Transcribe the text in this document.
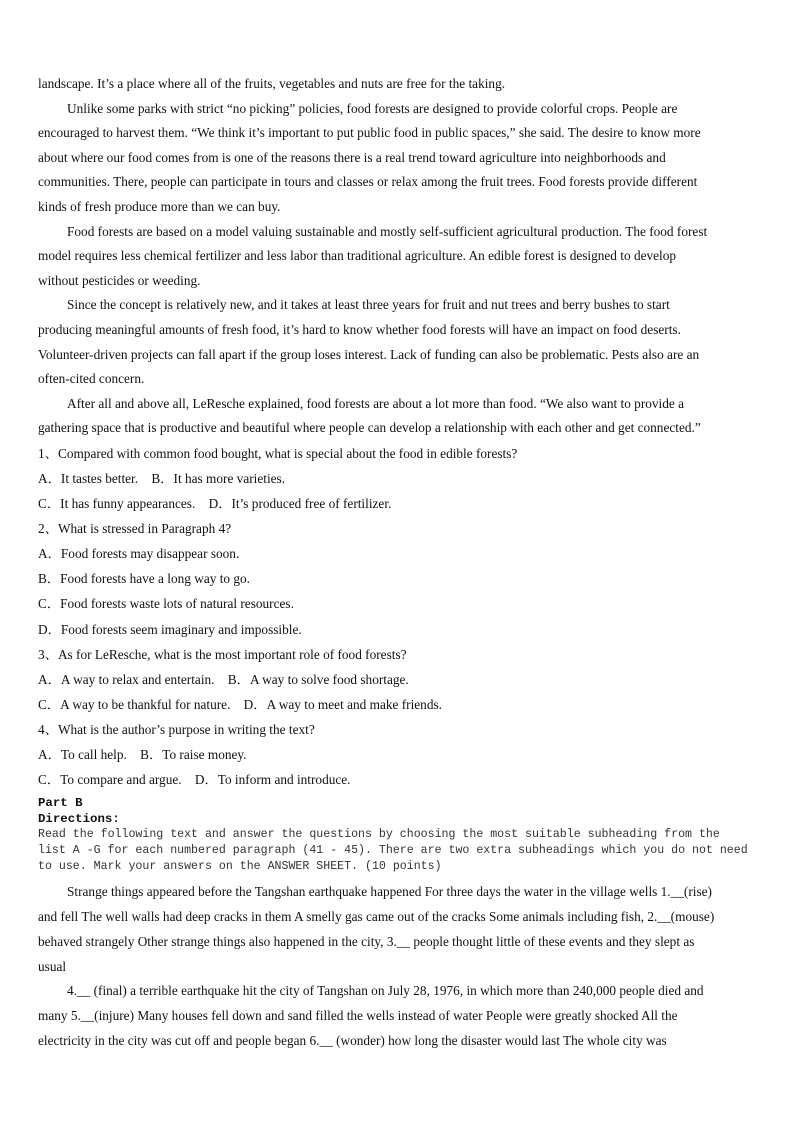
landscape. It’s a place where all of the fruits, vegetables and nuts are free for the taking.
Unlike some parks with strict “no picking” policies, food forests are designed to provide colorful crops. People are
encouraged to harvest them. “We think it’s important to put public food in public spaces,” she said. The desire to know more
about where our food comes from is one of the reasons there is a real trend toward agriculture into neighborhoods and
communities. There, people can participate in tours and classes or relax among the fruit trees. Food forests provide different
kinds of fresh produce more than we can buy.
Food forests are based on a model valuing sustainable and mostly self-sufficient agricultural production. The food forest
model requires less chemical fertilizer and less labor than traditional agriculture. An edible forest is designed to develop
without pesticides or weeding.
Since the concept is relatively new, and it takes at least three years for fruit and nut trees and berry bushes to start
producing meaningful amounts of fresh food, it’s hard to know whether food forests will have an impact on food deserts.
Volunteer-driven projects can fall apart if the group loses interest. Lack of funding can also be problematic. Pests also are an
often-cited concern.
After all and above all, LeResche explained, food forests are about a lot more than food. “We also want to provide a
gathering space that is productive and beautiful where people can develop a relationship with each other and get connected.”
1、Compared with common food bought, what is special about the food in edible forests?
A．It tastes better.　B．It has more varieties.
C．It has funny appearances.　D．It’s produced free of fertilizer.
2、What is stressed in Paragraph 4?
A．Food forests may disappear soon.
B．Food forests have a long way to go.
C．Food forests waste lots of natural resources.
D．Food forests seem imaginary and impossible.
3、As for LeResche, what is the most important role of food forests?
A．A way to relax and entertain.　B．A way to solve food shortage.
C．A way to be thankful for nature.　D．A way to meet and make friends.
4、What is the author’s purpose in writing the text?
A．To call help.　B．To raise money.
C．To compare and argue.　D．To inform and introduce.
Part B
Directions:
Read the following text and answer the questions by choosing the most suitable subheading from the
list A -G for each numbered paragraph (41 - 45). There are two extra subheadings which you do not need
to use. Mark your answers on the ANSWER SHEET. (10 points)
Strange things appeared before the Tangshan earthquake happened For three days the water in the village wells 1.__(rise)
and fell The well walls had deep cracks in them A smelly gas came out of the cracks Some animals including fish, 2.__(mouse)
behaved strangely Other strange things also happened in the city, 3.__ people thought little of these events and they slept as
usual
4.__ (final) a terrible earthquake hit the city of Tangshan on July 28, 1976, in which more than 240,000 people died and
many 5.__(injure) Many houses fell down and sand filled the wells instead of water People were greatly shocked All the
electricity in the city was cut off and people began 6.__ (wonder) how long the disaster would last The whole city was
